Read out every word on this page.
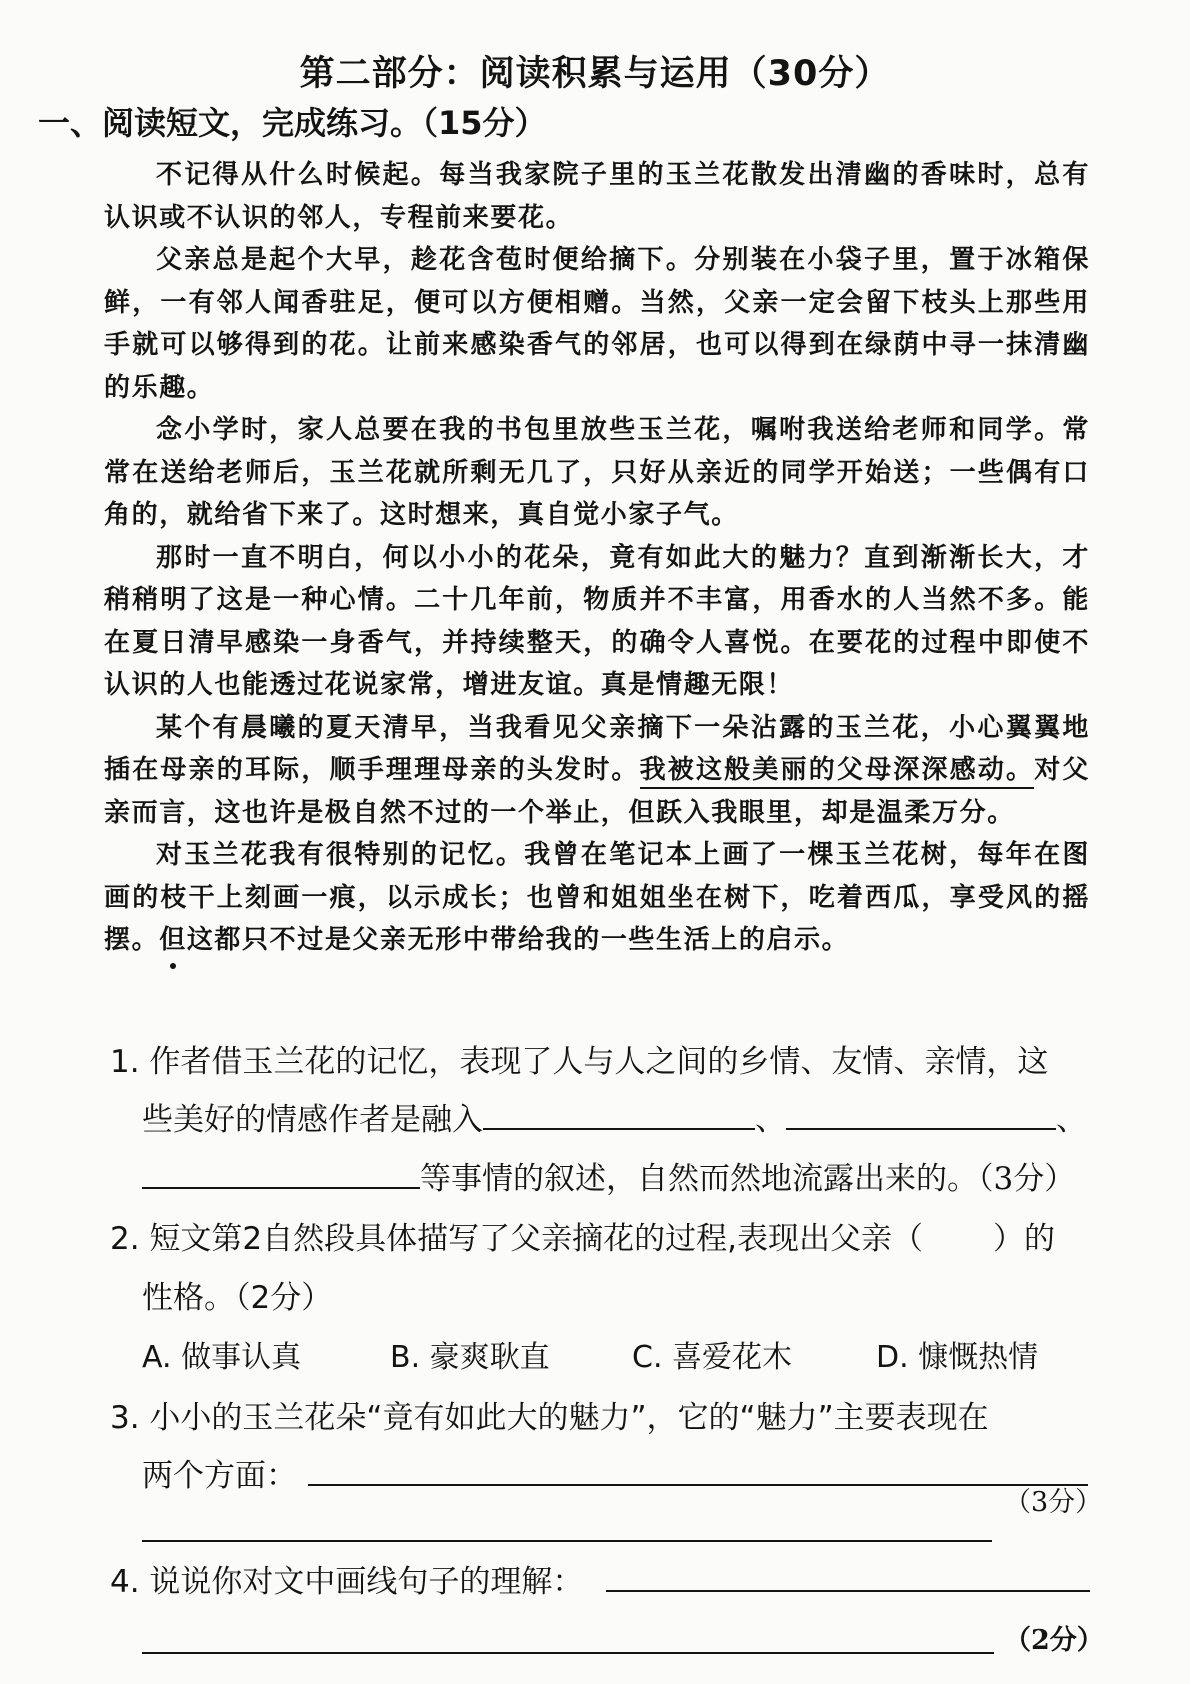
第二部分：阅读积累与运用（30分）
一、阅读短文，完成练习。（15分）

不记得从什么时候起。每当我家院子里的玉兰花散发出清幽的香味时，总有认识或不认识的邻人，专程前来要花。

父亲总是起个大早，趁花含苞时便给摘下。分别装在小袋子里，置于冰箱保鲜，一有邻人闻香驻足，便可以方便相赠。当然，父亲一定会留下枝头上那些用手就可以够得到的花。让前来感染香气的邻居，也可以得到在绿荫中寻一抹清幽的乐趣。

念小学时，家人总要在我的书包里放些玉兰花，嘱咐我送给老师和同学。常常在送给老师后，玉兰花就所剩无几了，只好从亲近的同学开始送；一些偶有口角的，就给省下来了。这时想来，真自觉小家子气。

那时一直不明白，何以小小的花朵，竟有如此大的魅力？直到渐渐长大，才稍稍明了这是一种心情。二十几年前，物质并不丰富，用香水的人当然不多。能在夏日清早感染一身香气，并持续整天，的确令人喜悦。在要花的过程中即使不认识的人也能透过花说家常，增进友谊。真是情趣无限！

某个有晨曦的夏天清早，当我看见父亲摘下一朵沾露的玉兰花，小心翼翼地插在母亲的耳际，顺手理理母亲的头发时。我被这般美丽的父母深深感动。对父亲而言，这也许是极自然不过的一个举止，但跃入我眼里，却是温柔万分。

对玉兰花我有很特别的记忆。我曾在笔记本上画了一棵玉兰花树，每年在图画的枝干上刻画一痕，以示成长；也曾和姐姐坐在树下，吃着西瓜，享受风的摇摆。但这都只不过是父亲无形中带给我的一些生活上的启示。

1. 作者借玉兰花的记忆，表现了人与人之间的乡情、友情、亲情，这
些美好的情感作者是融入	、	、
等事情的叙述，自然而然地流露出来的。（3分）
2. 短文第2自然段具体描写了父亲摘花的过程,表现出父亲（ ）的
性格。（2分）
A. 做事认真	B. 豪爽耿直	C. 喜爱花木	D. 慷慨热情
3. 小小的玉兰花朵“竟有如此大的魅力”，它的“魅力”主要表现在
两个方面：
（3分）
4. 说说你对文中画线句子的理解：
（2分）
